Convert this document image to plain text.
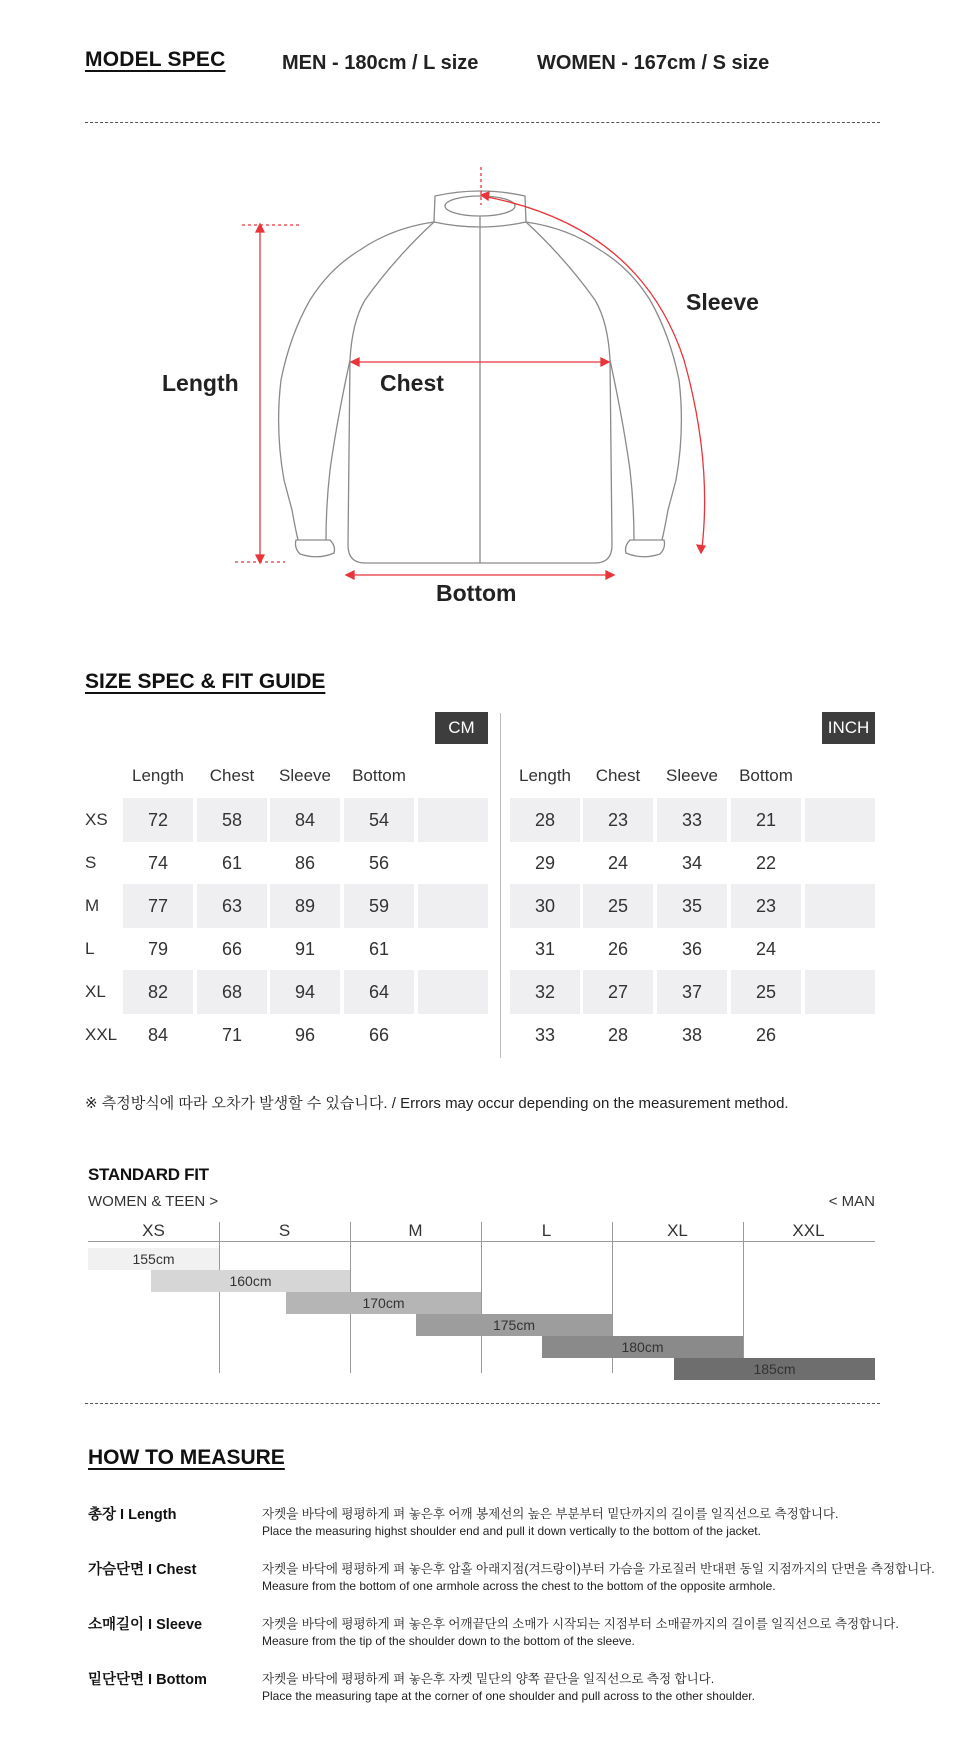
MODEL SPEC	MEN - 180cm / L size	WOMEN - 167cm / S size
Length	Chest
Sleeve
Bottom
SIZE SPEC & FIT GUIDE
CM	INCH
Length	Chest	Sleeve	Bottom
XS	72	58	84	54
S	74	61	86	56
M	77	63	89	59
L	79	66	91	61
XL	82	68	94	64
XXL	84	71	96	66
Length	Chest	Sleeve	Bottom
28	23	33	21
29	24	34	22
30	25	35	23
31	26	36	24
32	27	37	25
33	28	38	26
※ 측정방식에 따라 오차가 발생할 수 있습니다. / Errors may occur depending on the measurement method.
STANDARD FIT
WOMEN & TEEN >	< MAN
XS	S	M	L	XL	XXL
155cm
160cm
170cm
175cm
180cm
185cm
HOW TO MEASURE
총장 I Length	자켓을 바닥에 평평하게 펴 놓은후 어깨 봉제선의 높은 부분부터 밑단까지의 길이를 일직선으로 측정합니다.
Place the measuring highst shoulder end and pull it down vertically to the bottom of the jacket.
가슴단면 I Chest	자켓을 바닥에 평평하게 펴 놓은후 암홀 아래지점(겨드랑이)부터 가슴을 가로질러 반대편 동일 지점까지의 단면을 측정합니다.
Measure from the bottom of one armhole across the chest to the bottom of the opposite armhole.
소매길이 I Sleeve	자켓을 바닥에 평평하게 펴 놓은후 어깨끝단의 소매가 시작되는 지점부터 소매끝까지의 길이를 일직선으로 측정합니다.
Measure from the tip of the shoulder down to the bottom of the sleeve.
밑단단면 I Bottom	자켓을 바닥에 평평하게 펴 놓은후 자켓 밑단의 양쪽 끝단을 일직선으로 측정 합니다.
Place the measuring tape at the corner of one shoulder and pull across to the other shoulder.
